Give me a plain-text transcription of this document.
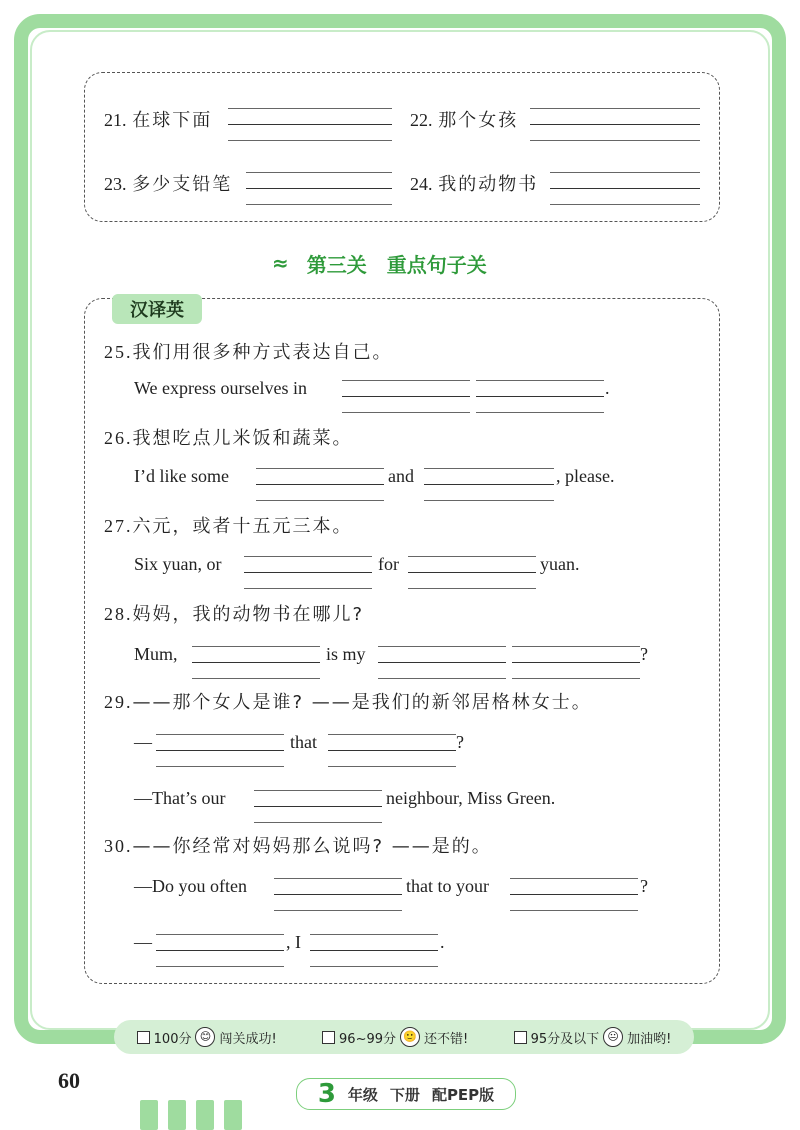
21. 在球下面	22. 那个女孩
23. 多少支铅笔	24. 我的动物书
≈ 第三关　重点句子关
汉译英
25.我们用很多种方式表达自己。
We express ourselves in	.
26.我想吃点儿米饭和蔬菜。
I’d like some	and	, please.
27.六元，或者十五元三本。
Six yuan, or	for	yuan.
28.妈妈，我的动物书在哪儿?
Mum,	is my	?
29.——那个女人是谁? ——是我们的新邻居格林女士。
—	that	?
—That’s our	neighbour, Miss Green.
30.——你经常对妈妈那么说吗? ——是的。
—Do you often	that to your	?
—	, I	.
100分 😊 闯关成功!	96~99分 🙂 还不错!	95分及以下 😐 加油哟!
60	3 年级 下册 配PEP版
